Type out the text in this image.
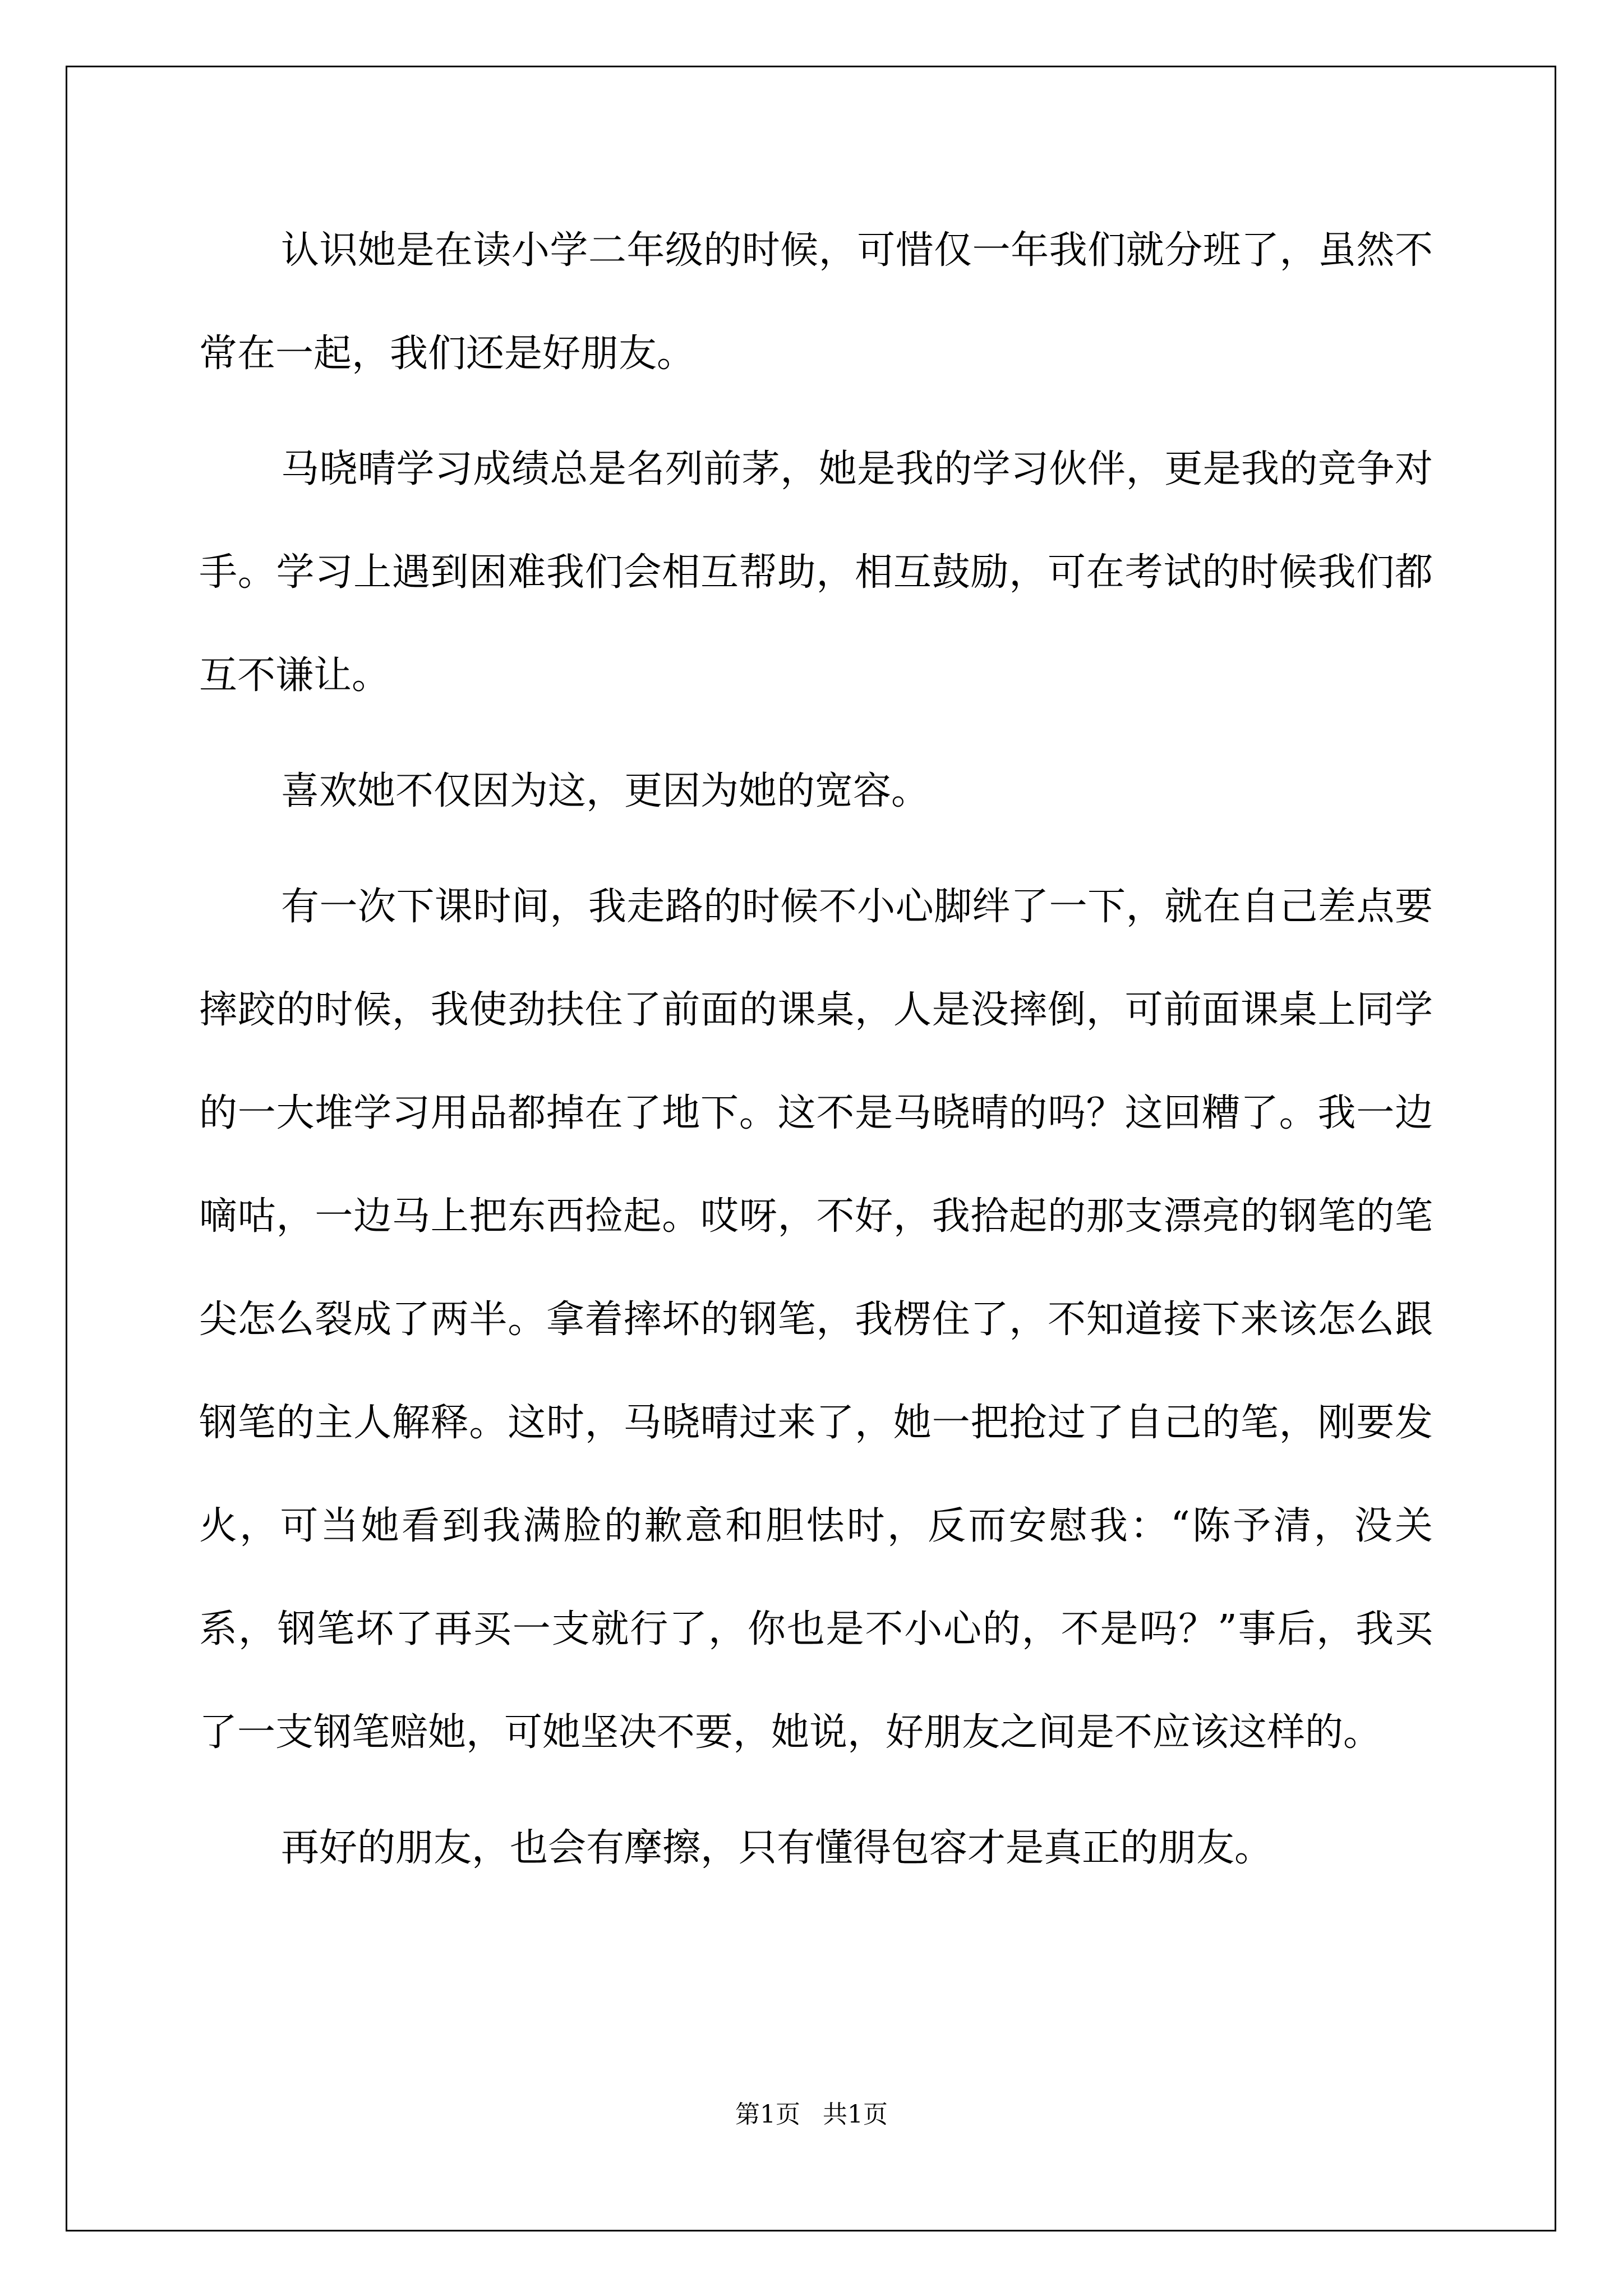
认识她是在读小学二年级的时候，可惜仅一年我们就分班了，虽然不常在一起，我们还是好朋友。

马晓晴学习成绩总是名列前茅，她是我的学习伙伴，更是我的竞争对手。学习上遇到困难我们会相互帮助，相互鼓励，可在考试的时候我们都互不谦让。

喜欢她不仅因为这，更因为她的宽容。

有一次下课时间，我走路的时候不小心脚绊了一下，就在自己差点要摔跤的时候，我使劲扶住了前面的课桌，人是没摔倒，可前面课桌上同学的一大堆学习用品都掉在了地下。这不是马晓晴的吗？这回糟了。我一边嘀咕，一边马上把东西捡起。哎呀，不好，我拾起的那支漂亮的钢笔的笔尖怎么裂成了两半。拿着摔坏的钢笔，我楞住了，不知道接下来该怎么跟钢笔的主人解释。这时，马晓晴过来了，她一把抢过了自己的笔，刚要发火，可当她看到我满脸的歉意和胆怯时，反而安慰我：“陈予清，没关系，钢笔坏了再买一支就行了，你也是不小心的，不是吗？”事后，我买了一支钢笔赔她，可她坚决不要，她说，好朋友之间是不应该这样的。

再好的朋友，也会有摩擦，只有懂得包容才是真正的朋友。

第1页 共1页
